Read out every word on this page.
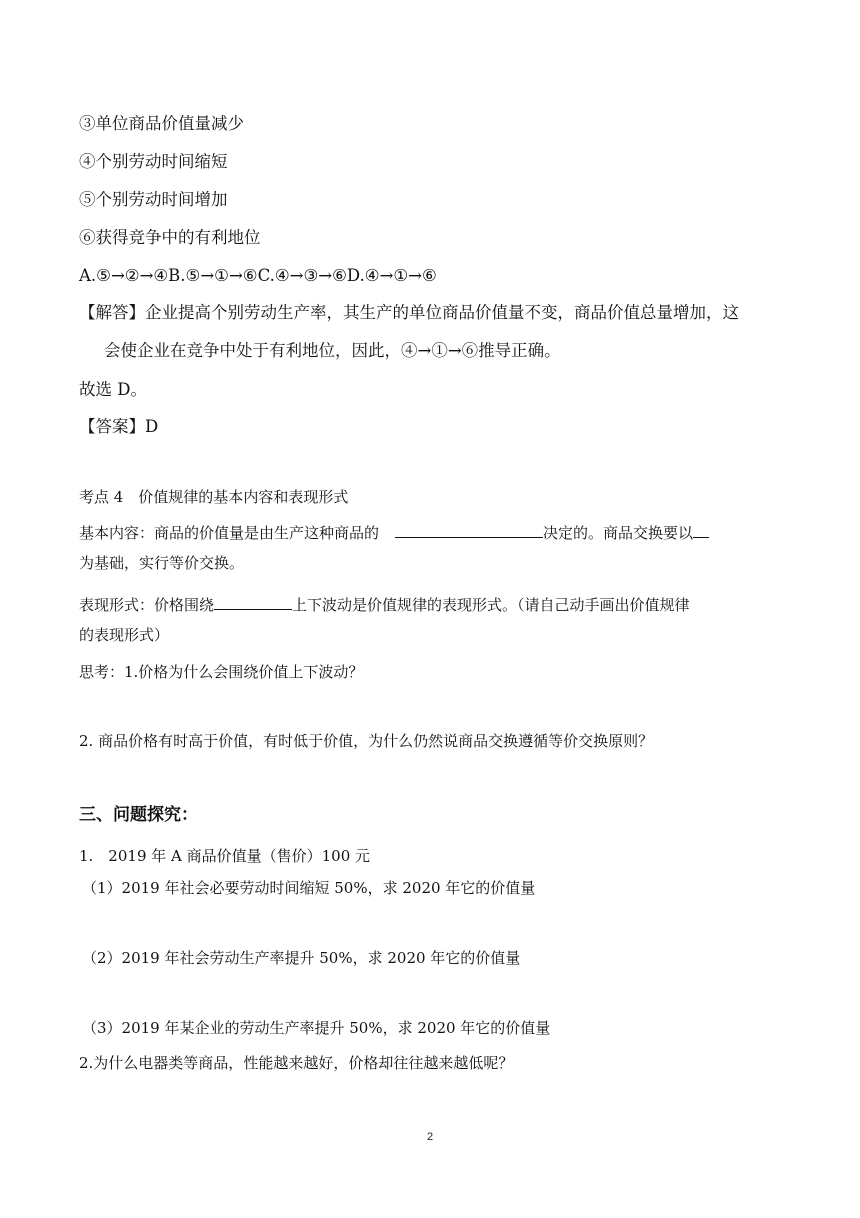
③单位商品价值量减少
④个别劳动时间缩短
⑤个别劳动时间增加
⑥获得竞争中的有利地位
A.⑤→②→④B.⑤→①→⑥C.④→③→⑥D.④→①→⑥
【解答】企业提高个别劳动生产率，其生产的单位商品价值量不变，商品价值总量增加，这
会使企业在竞争中处于有利地位，因此，④→①→⑥推导正确。
故选 D。
【答案】D
考点 4　价值规律的基本内容和表现形式
基本内容：商品的价值量是由生产这种商品的	决定的。商品交换要以
为基础，实行等价交换。
表现形式：价格围绕	上下波动是价值规律的表现形式。（请自己动手画出价值规律
的表现形式）
思考：1.价格为什么会围绕价值上下波动？
2. 商品价格有时高于价值，有时低于价值，为什么仍然说商品交换遵循等价交换原则？
三、问题探究：
1.　2019 年 A 商品价值量（售价）100 元
（1）2019 年社会必要劳动时间缩短 50%，求 2020 年它的价值量
（2）2019 年社会劳动生产率提升 50%，求 2020 年它的价值量
（3）2019 年某企业的劳动生产率提升 50%，求 2020 年它的价值量
2.为什么电器类等商品，性能越来越好，价格却往往越来越低呢？
2
